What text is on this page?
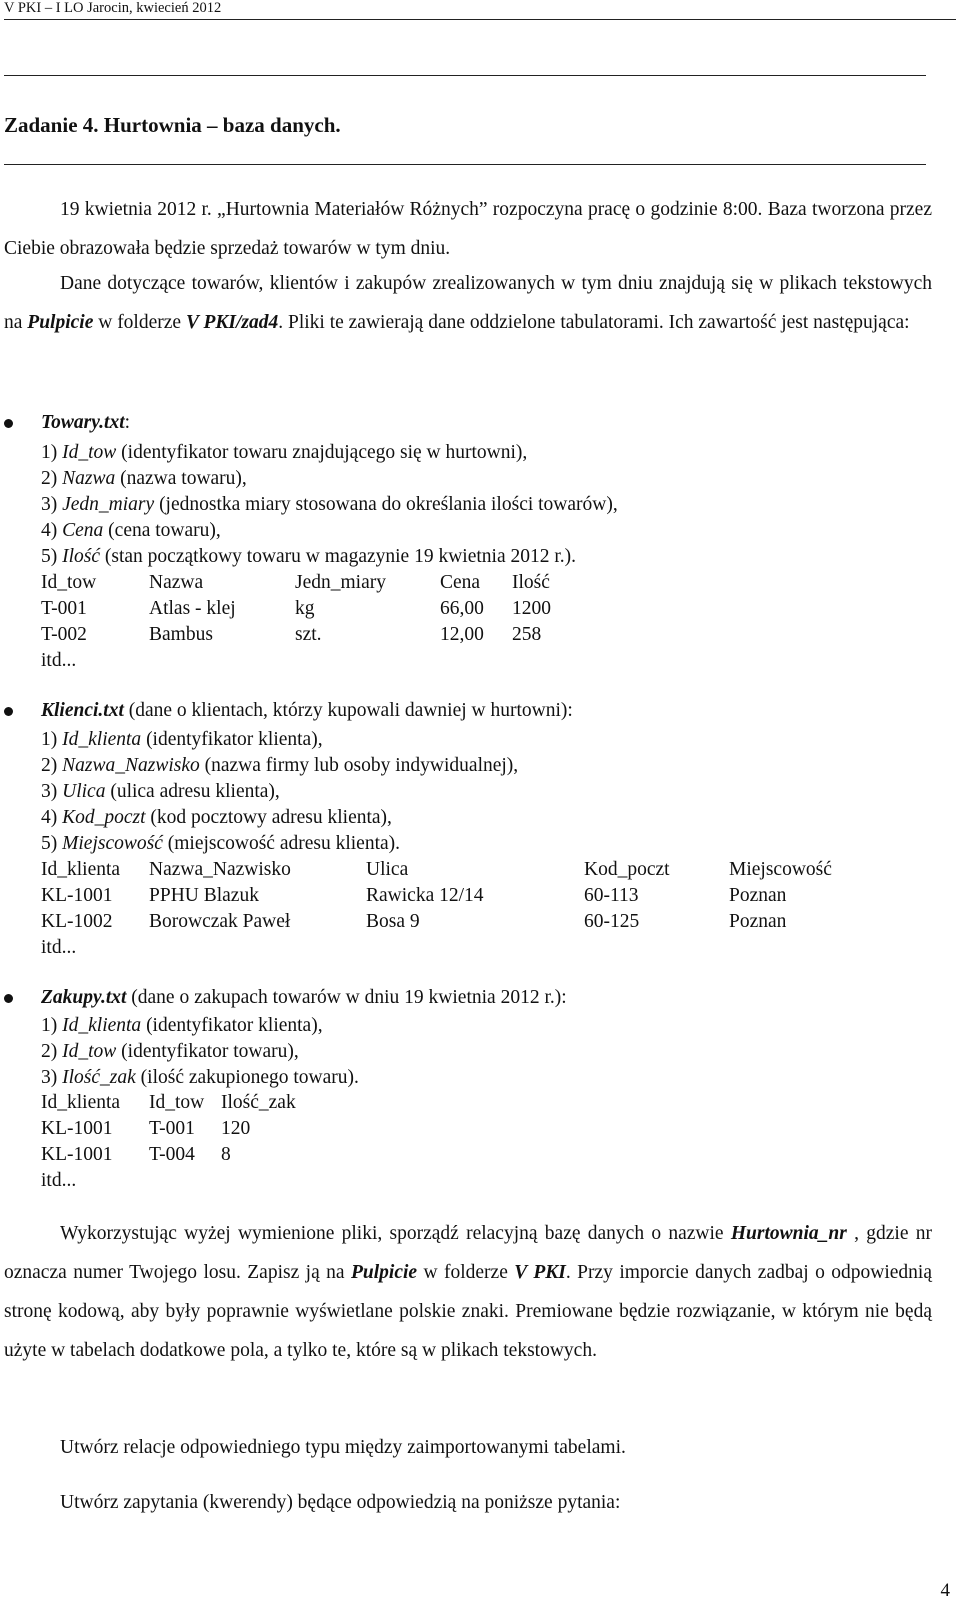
V PKI – I LO Jarocin, kwiecień 2012
Zadanie 4. Hurtownia – baza danych.

19 kwietnia 2012 r. „Hurtownia Materiałów Różnych” rozpoczyna pracę o godzinie 8:00. Baza tworzona przez Ciebie obrazowała będzie sprzedaż towarów w tym dniu.

Dane dotyczące towarów, klientów i zakupów zrealizowanych w tym dniu znajdują się w plikach tekstowych na Pulpicie w folderze V PKI/zad4. Pliki te zawierają dane oddzielone tabulatorami. Ich zawartość jest następująca:

Towary.txt:
1) Id_tow (identyfikator towaru znajdującego się w hurtowni),
2) Nazwa (nazwa towaru),
3) Jedn_miary (jednostka miary stosowana do określania ilości towarów),
4) Cena (cena towaru),
5) Ilość (stan początkowy towaru w magazynie 19 kwietnia 2012 r.).
Id_tow	Nazwa	Jedn_miary	Cena Ilość
T-001	Atlas - klej	kg	66,00 1200
T-002	Bambus	szt.	12,00 258
itd...
Klienci.txt (dane o klientach, którzy kupowali dawniej w hurtowni):
1) Id_klienta (identyfikator klienta),
2) Nazwa_Nazwisko (nazwa firmy lub osoby indywidualnej),
3) Ulica (ulica adresu klienta),
4) Kod_poczt (kod pocztowy adresu klienta),
5) Miejscowość (miejscowość adresu klienta).
Id_klienta Nazwa_Nazwisko	Ulica	Kod_poczt	Miejscowość
KL-1001 PPHU Blazuk	Rawicka 12/14	60-113	Poznan
KL-1002 Borowczak Paweł	Bosa 9	60-125	Poznan
itd...
Zakupy.txt (dane o zakupach towarów w dniu 19 kwietnia 2012 r.):
1) Id_klienta (identyfikator klienta),
2) Id_tow (identyfikator towaru),
3) Ilość_zak (ilość zakupionego towaru).
Id_klienta Id_tow Ilość_zak
KL-1001 T-001 120
KL-1001 T-004 8
itd...

Wykorzystując wyżej wymienione pliki, sporządź relacyjną bazę danych o nazwie Hurtownia_nr , gdzie nr oznacza numer Twojego losu. Zapisz ją na Pulpicie w folderze V PKI. Przy imporcie danych zadbaj o odpowiednią stronę kodową, aby były poprawnie wyświetlane polskie znaki. Premiowane będzie rozwiązanie, w którym nie będą użyte w tabelach dodatkowe pola, a tylko te, które są w plikach tekstowych.

Utwórz relacje odpowiedniego typu między zaimportowanymi tabelami.

Utwórz zapytania (kwerendy) będące odpowiedzią na poniższe pytania:

4
